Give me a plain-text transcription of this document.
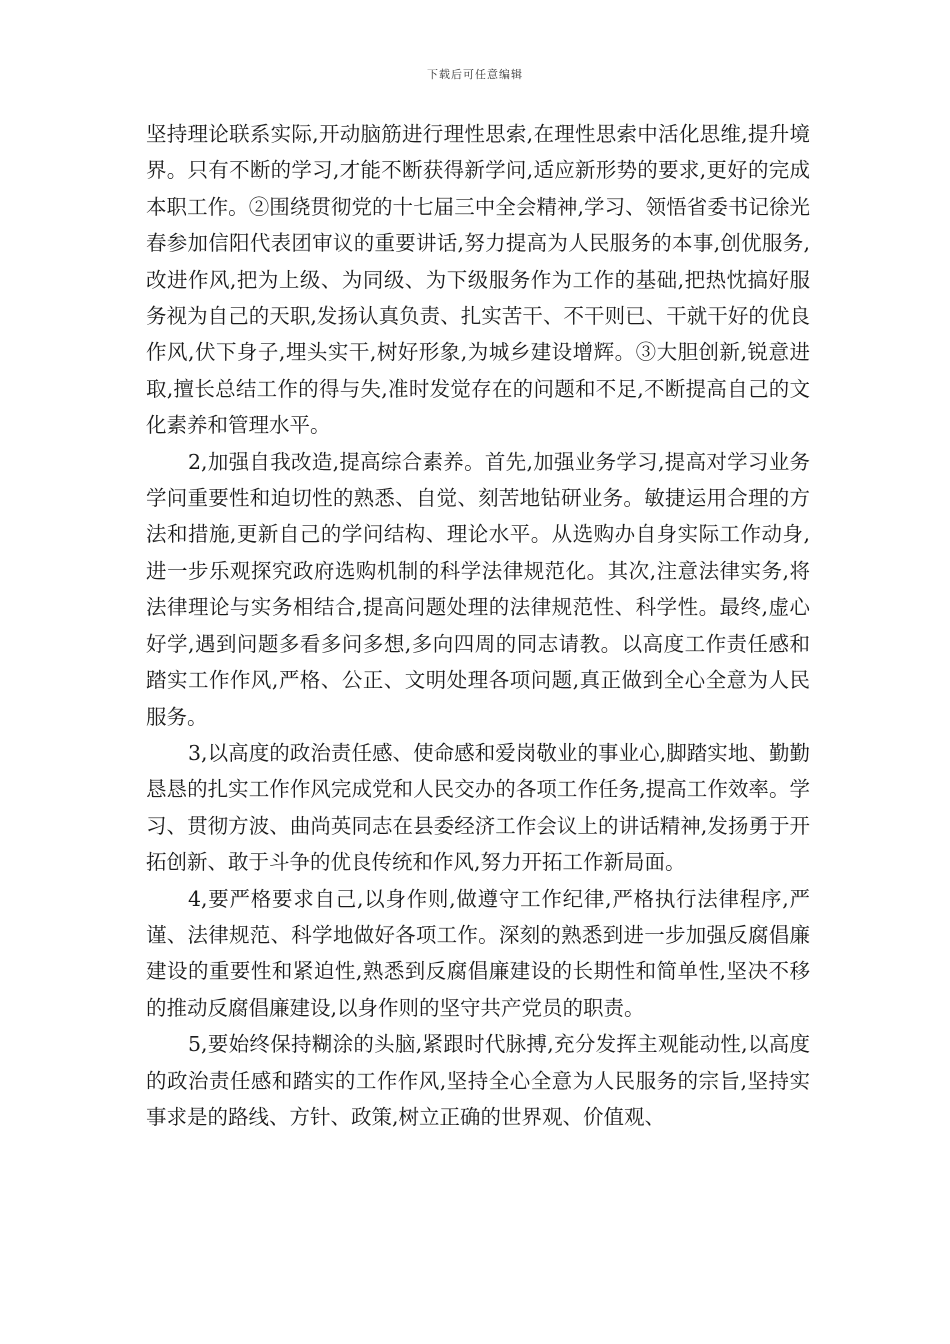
下载后可任意编辑

坚持理论联系实际,开动脑筋进行理性思索,在理性思索中活化思维,提升境界。只有不断的学习,才能不断获得新学问,适应新形势的要求,更好的完成本职工作。②围绕贯彻党的十七届三中全会精神,学习、领悟省委书记徐光春参加信阳代表团审议的重要讲话,努力提高为人民服务的本事,创优服务,改进作风,把为上级、为同级、为下级服务作为工作的基础,把热忱搞好服务视为自己的天职,发扬认真负责、扎实苦干、不干则已、干就干好的优良作风,伏下身子,埋头实干,树好形象,为城乡建设增辉。③大胆创新,锐意进取,擅长总结工作的得与失,准时发觉存在的问题和不足,不断提高自己的文化素养和管理水平。

2,加强自我改造,提高综合素养。首先,加强业务学习,提高对学习业务学问重要性和迫切性的熟悉、自觉、刻苦地钻研业务。敏捷运用合理的方法和措施,更新自己的学问结构、理论水平。从选购办自身实际工作动身,进一步乐观探究政府选购机制的科学法律规范化。其次,注意法律实务,将法律理论与实务相结合,提高问题处理的法律规范性、科学性。最终,虚心好学,遇到问题多看多问多想,多向四周的同志请教。以高度工作责任感和踏实工作作风,严格、公正、文明处理各项问题,真正做到全心全意为人民服务。

3,以高度的政治责任感、使命感和爱岗敬业的事业心,脚踏实地、勤勤恳恳的扎实工作作风完成党和人民交办的各项工作任务,提高工作效率。学习、贯彻方波、曲尚英同志在县委经济工作会议上的讲话精神,发扬勇于开拓创新、敢于斗争的优良传统和作风,努力开拓工作新局面。

4,要严格要求自己,以身作则,做遵守工作纪律,严格执行法律程序,严谨、法律规范、科学地做好各项工作。深刻的熟悉到进一步加强反腐倡廉建设的重要性和紧迫性,熟悉到反腐倡廉建设的长期性和简单性,坚决不移的推动反腐倡廉建设,以身作则的坚守共产党员的职责。

5,要始终保持糊涂的头脑,紧跟时代脉搏,充分发挥主观能动性,以高度的政治责任感和踏实的工作作风,坚持全心全意为人民服务的宗旨,坚持实事求是的路线、方针、政策,树立正确的世界观、价值观、
